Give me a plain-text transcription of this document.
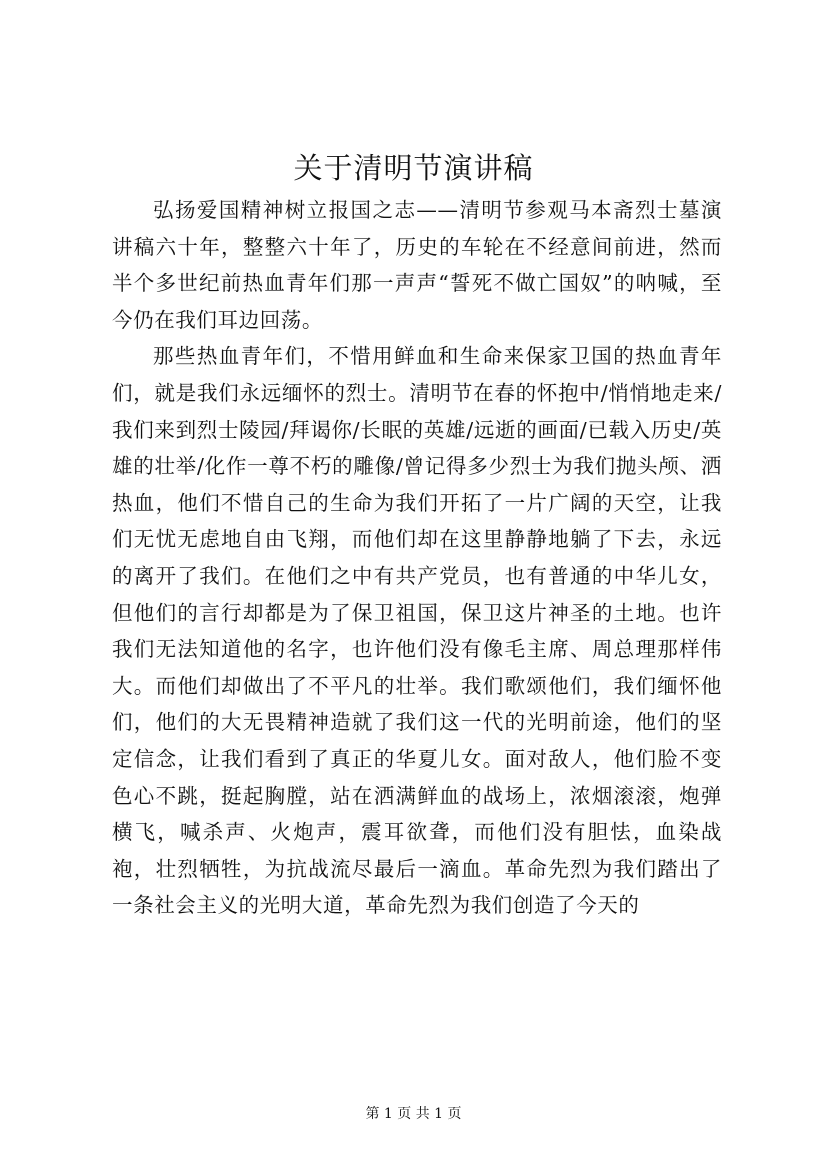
关于清明节演讲稿

弘扬爱国精神树立报国之志——清明节参观马本斋烈士墓演讲稿六十年，整整六十年了，历史的车轮在不经意间前进，然而半个多世纪前热血青年们那一声声“誓死不做亡国奴”的呐喊，至今仍在我们耳边回荡。

那些热血青年们，不惜用鲜血和生命来保家卫国的热血青年们，就是我们永远缅怀的烈士。清明节在春的怀抱中/悄悄地走来/我们来到烈士陵园/拜谒你/长眠的英雄/远逝的画面/已载入历史/英雄的壮举/化作一尊不朽的雕像/曾记得多少烈士为我们抛头颅、洒热血，他们不惜自己的生命为我们开拓了一片广阔的天空，让我们无忧无虑地自由飞翔，而他们却在这里静静地躺了下去，永远的离开了我们。在他们之中有共产党员，也有普通的中华儿女，但他们的言行却都是为了保卫祖国，保卫这片神圣的土地。也许我们无法知道他的名字，也许他们没有像毛主席、周总理那样伟大。而他们却做出了不平凡的壮举。我们歌颂他们，我们缅怀他们，他们的大无畏精神造就了我们这一代的光明前途，他们的坚定信念，让我们看到了真正的华夏儿女。面对敌人，他们脸不变色心不跳，挺起胸膛，站在洒满鲜血的战场上，浓烟滚滚，炮弹横飞，喊杀声、火炮声，震耳欲聋，而他们没有胆怯，血染战袍，壮烈牺牲，为抗战流尽最后一滴血。革命先烈为我们踏出了一条社会主义的光明大道，革命先烈为我们创造了今天的

第 1 页 共 1 页
